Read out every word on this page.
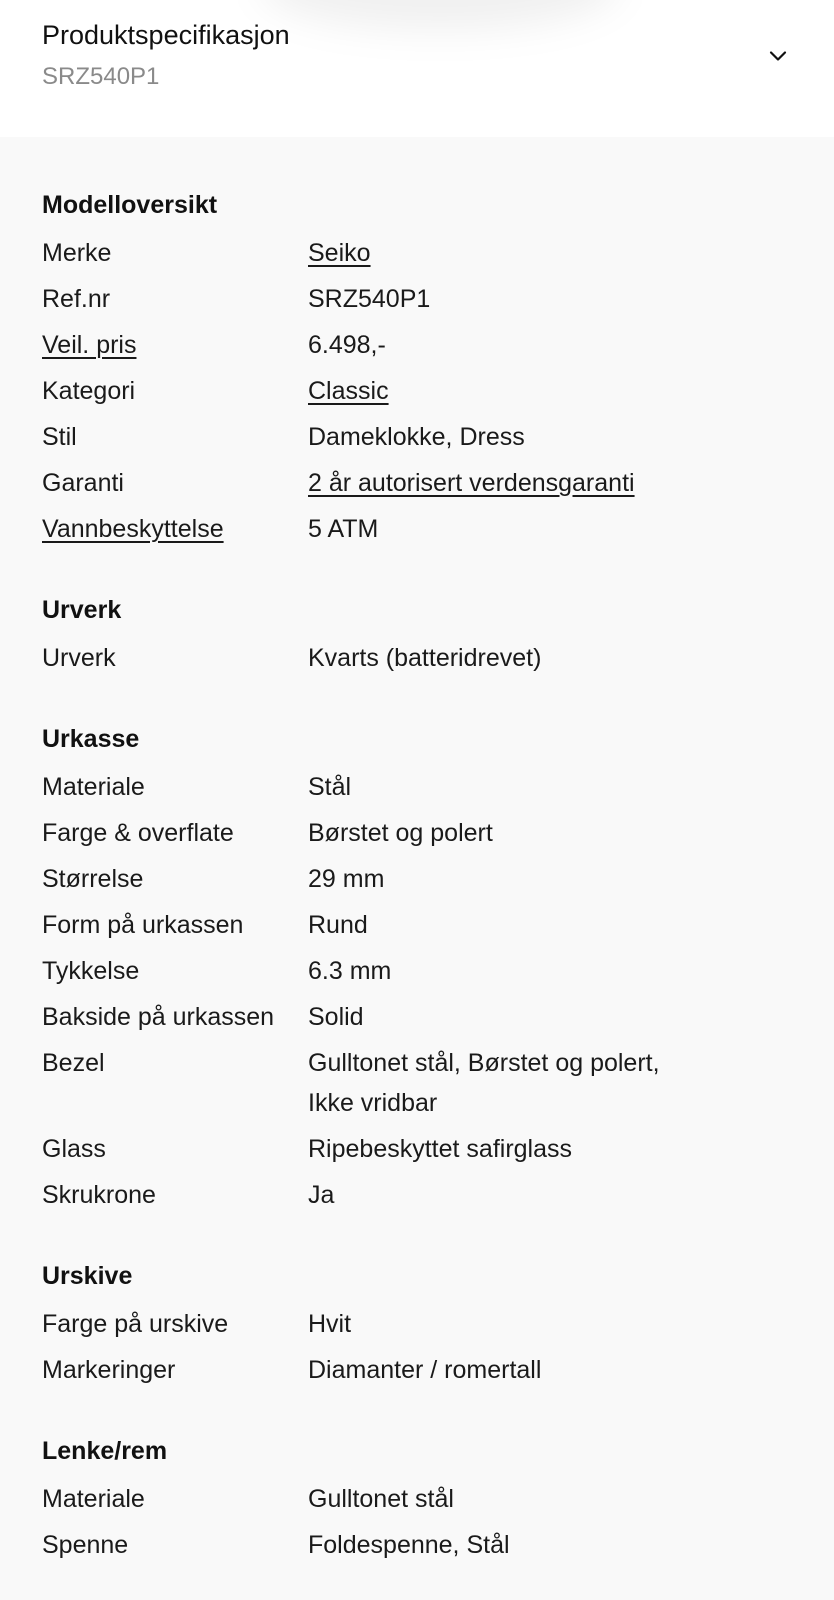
Produktspecifikasjon
SRZ540P1
Modelloversikt
Merke	Seiko
Ref.nr	SRZ540P1
Veil. pris	6.498,-
Kategori	Classic
Stil	Dameklokke, Dress
Garanti	2 år autorisert verdensgaranti
Vannbeskyttelse	5 ATM
Urverk
Urverk	Kvarts (batteridrevet)
Urkasse
Materiale	Stål
Farge & overflate	Børstet og polert
Størrelse	29 mm
Form på urkassen	Rund
Tykkelse	6.3 mm
Bakside på urkassen	Solid
Bezel	Gulltonet stål, Børstet og polert, Ikke vridbar
Glass	Ripebeskyttet safirglass
Skrukrone	Ja
Urskive
Farge på urskive	Hvit
Markeringer	Diamanter / romertall
Lenke/rem
Materiale	Gulltonet stål
Spenne	Foldespenne, Stål
